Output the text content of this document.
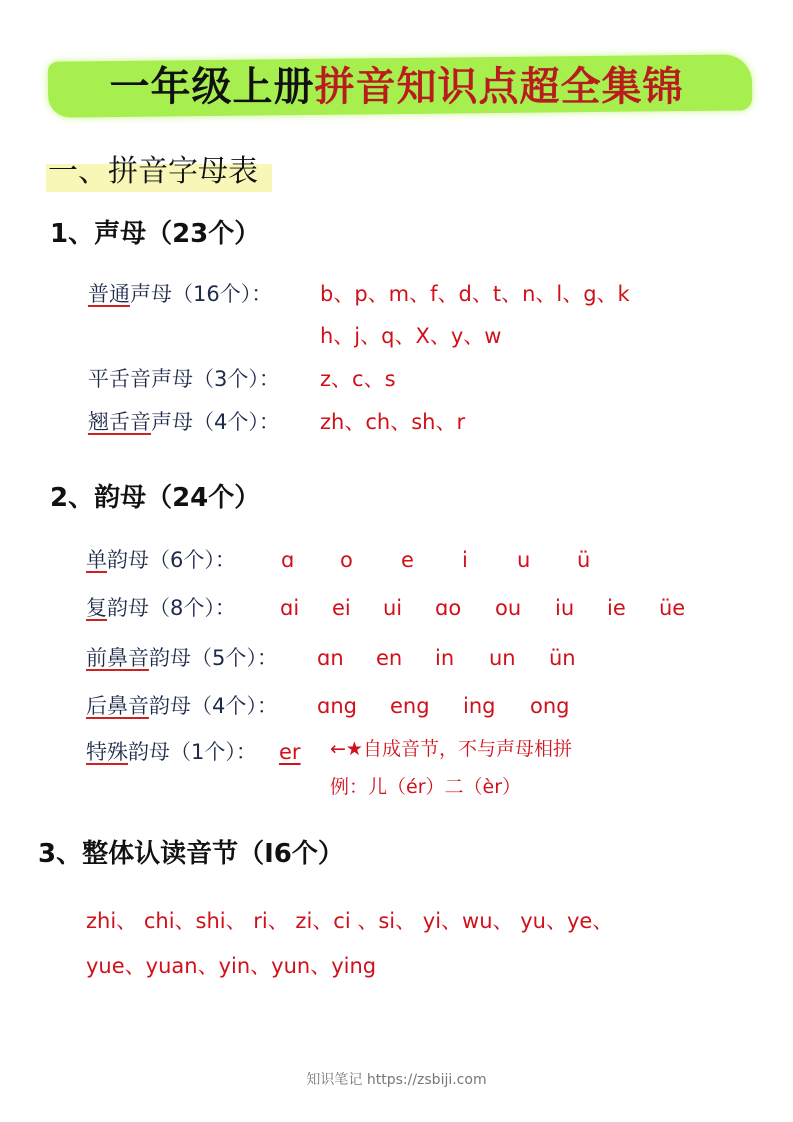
一年级上册拼音知识点超全集锦
一、拼音字母表
1、声母（23个）
普通声母（16个）： b、p、m、f、d、t、n、l、g、k
h、j、q、X、y、w
平舌音声母（3个）： z、c、s
翘舌音声母（4个）： zh、ch、sh、r
2、韵母（24个）
单韵母（6个）： ɑ o e i u ü
复韵母（8个）： ɑi ei ui ɑo ou iu ie üe
前鼻音韵母（5个）： ɑn en in un ün
后鼻音韵母（4个）： ɑng eng ing ong
特殊韵母（1个）： er ←★自成音节，不与声母相拼
例：儿（ér）二（èr）
3、整体认读音节（I6个）
zhi、 chi、shi、 ri、 zi、ci 、si、 yi、wu、 yu、ye、
yue、yuan、yin、yun、ying
知识笔记 https://zsbiji.com
